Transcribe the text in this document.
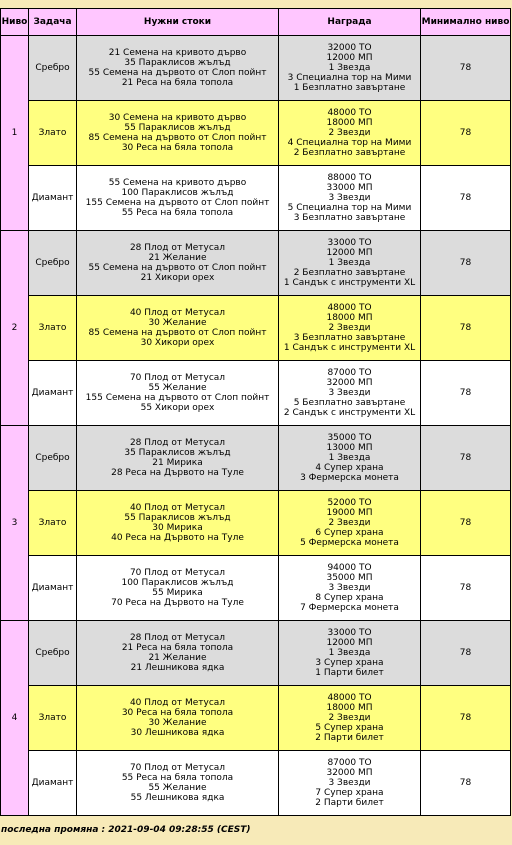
Ниво	Задача	Нужни стоки	Награда	Минимално ниво
1	Сребро	21 Семена на кривото дърво
35 Параклисов жълъд
55 Семена на дървото от Слоп пойнт
21 Реса на бяла топола	32000 ТО
12000 МП
1 Звезда
3 Специална тор на Мими
1 Безплатно завъртане	78
	Злато	30 Семена на кривото дърво
55 Параклисов жълъд
85 Семена на дървото от Слоп пойнт
30 Реса на бяла топола	48000 ТО
18000 МП
2 Звезди
4 Специална тор на Мими
2 Безплатно завъртане	78
	Диамант	55 Семена на кривото дърво
100 Параклисов жълъд
155 Семена на дървото от Слоп пойнт
55 Реса на бяла топола	88000 ТО
33000 МП
3 Звезди
5 Специална тор на Мими
3 Безплатно завъртане	78
2	Сребро	28 Плод от Метусал
21 Желание
55 Семена на дървото от Слоп пойнт
21 Хикори орех	33000 ТО
12000 МП
1 Звезда
2 Безплатно завъртане
1 Сандък с инструменти XL	78
	Злато	40 Плод от Метусал
30 Желание
85 Семена на дървото от Слоп пойнт
30 Хикори орех	48000 ТО
18000 МП
2 Звезди
3 Безплатно завъртане
1 Сандък с инструменти XL	78
	Диамант	70 Плод от Метусал
55 Желание
155 Семена на дървото от Слоп пойнт
55 Хикори орех	87000 ТО
32000 МП
3 Звезди
5 Безплатно завъртане
2 Сандък с инструменти XL	78
3	Сребро	28 Плод от Метусал
35 Параклисов жълъд
21 Мирика
28 Реса на Дървото на Туле	35000 ТО
13000 МП
1 Звезда
4 Супер храна
3 Фермерска монета	78
	Злато	40 Плод от Метусал
55 Параклисов жълъд
30 Мирика
40 Реса на Дървото на Туле	52000 ТО
19000 МП
2 Звезди
6 Супер храна
5 Фермерска монета	78
	Диамант	70 Плод от Метусал
100 Параклисов жълъд
55 Мирика
70 Реса на Дървото на Туле	94000 ТО
35000 МП
3 Звезди
8 Супер храна
7 Фермерска монета	78
4	Сребро	28 Плод от Метусал
21 Реса на бяла топола
21 Желание
21 Лешникова ядка	33000 ТО
12000 МП
1 Звезда
3 Супер храна
1 Парти билет	78
	Злато	40 Плод от Метусал
30 Реса на бяла топола
30 Желание
30 Лешникова ядка	48000 ТО
18000 МП
2 Звезди
5 Супер храна
2 Парти билет	78
	Диамант	70 Плод от Метусал
55 Реса на бяла топола
55 Желание
55 Лешникова ядка	87000 ТО
32000 МП
3 Звезди
7 Супер храна
2 Парти билет	78
последна промяна : 2021-09-04 09:28:55 (CEST)
